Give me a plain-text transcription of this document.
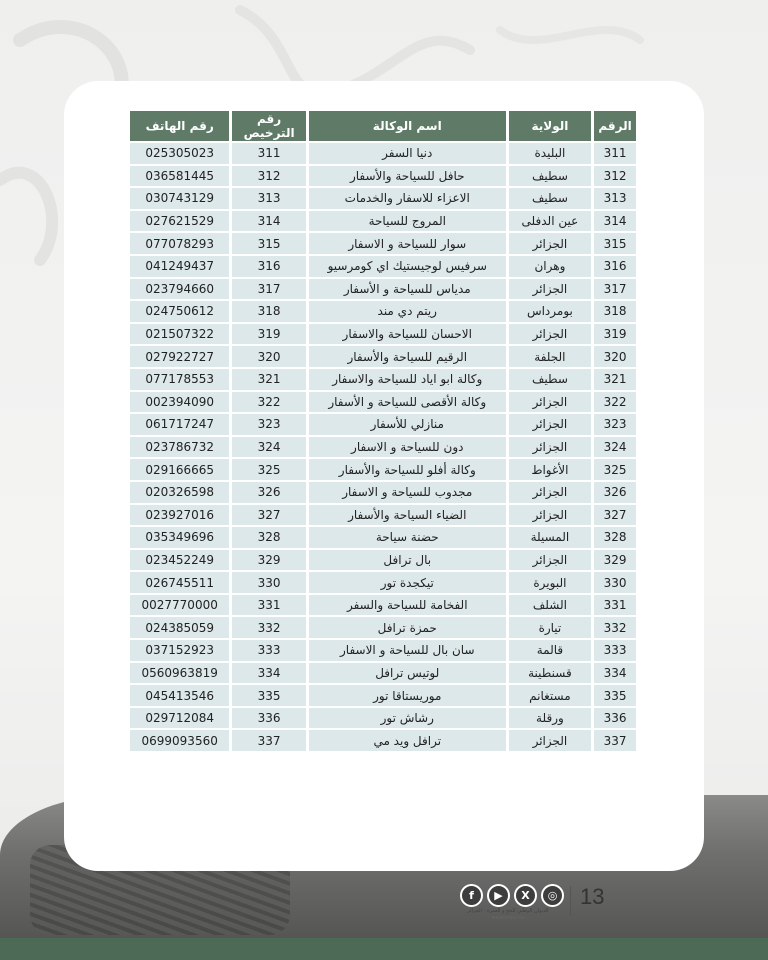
الرقم	الولاية	اسم الوكالة	رقم الترخيص	رقم الهاتف
311	البليدة	دنيا السفر	311	025305023
312	سطيف	حافل للسياحة والأسفار	312	036581445
313	سطيف	الاعزاء للاسفار والخدمات	313	030743129
314	عين الدفلى	المروج للسياحة	314	027621529
315	الجزائر	سوار للسياحة و الاسفار	315	077078293
316	وهران	سرفيس لوجيستيك اي كومرسيو	316	041249437
317	الجزائر	مدياس للسياحة و الأسفار	317	023794660
318	بومرداس	ريتم دي مند	318	024750612
319	الجزائر	الاحسان للسياحة والاسفار	319	021507322
320	الجلفة	الرقيم للسياحة والأسفار	320	027922727
321	سطيف	وكالة ابو اياد للسياحة والاسفار	321	077178553
322	الجزائر	وكالة الأقصى للسياحة و الأسفار	322	002394090
323	الجزائر	منازلي للأسفار	323	061717247
324	الجزائر	دون للسياحة و الاسفار	324	023786732
325	الأغواط	وكالة أفلو للسياحة والأسفار	325	029166665
326	الجزائر	مجدوب للسياحة و الاسفار	326	020326598
327	الجزائر	الضياء السياحة والأسفار	327	023927016
328	المسيلة	حضنة سياحة	328	035349696
329	الجزائر	بال ترافل	329	023452249
330	البويرة	تيكجدة تور	330	026745511
331	الشلف	الفخامة للسياحة والسفر	331	0027770000
332	تيارة	حمزة ترافل	332	024385059
333	قالمة	سان بال للسياحة و الاسفار	333	037152923
334	قسنطينة	لوتيس ترافل	334	0560963819
335	مستغانم	موريستاقا تور	335	045413546
336	ورقلة	رشاش تور	336	029712084
337	الجزائر	ترافل ويد مي	337	0699093560
f	▶	X	◎
الديوان الوطني للحج و العمرة - الجزائر
www.onpo.dz
13
